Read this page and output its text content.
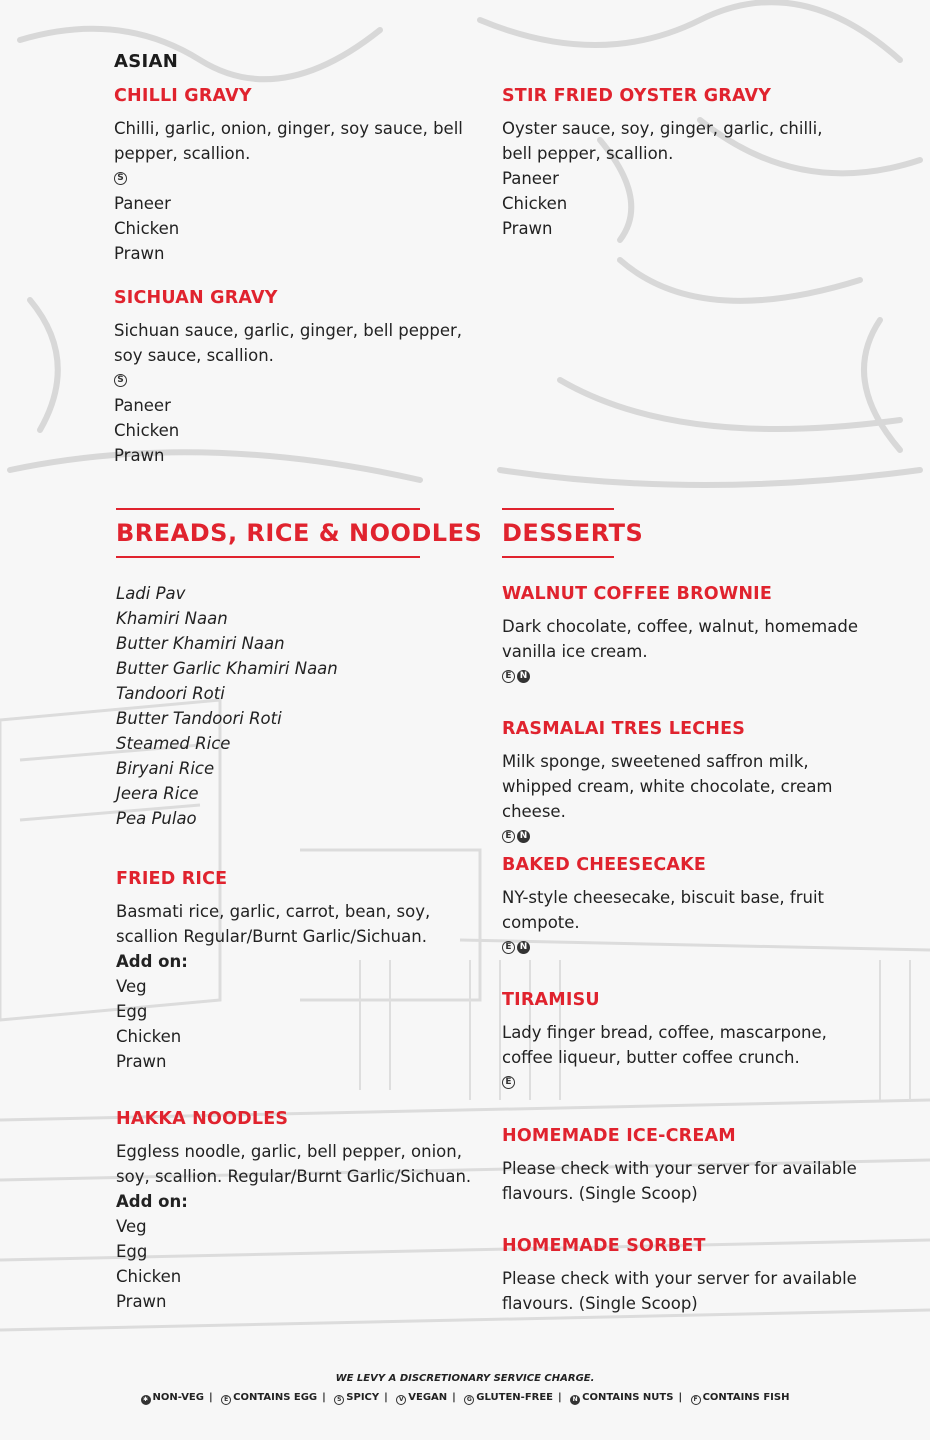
ASIAN
CHILLI GRAVY
Chilli, garlic, onion, ginger, soy sauce, bell pepper, scallion.
S
Paneer
Chicken
Prawn
SICHUAN GRAVY
Sichuan sauce, garlic, ginger, bell pepper, soy sauce, scallion.
S
Paneer
Chicken
Prawn
STIR FRIED OYSTER GRAVY
Oyster sauce, soy, ginger, garlic, chilli, bell pepper, scallion.
Paneer
Chicken
Prawn
BREADS, RICE & NOODLES
Ladi Pav
Khamiri Naan
Butter Khamiri Naan
Butter Garlic Khamiri Naan
Tandoori Roti
Butter Tandoori Roti
Steamed Rice
Biryani Rice
Jeera Rice
Pea Pulao
FRIED RICE
Basmati rice, garlic, carrot, bean, soy, scallion Regular/Burnt Garlic/Sichuan.
Add on:
Veg
Egg
Chicken
Prawn
HAKKA NOODLES
Eggless noodle, garlic, bell pepper, onion, soy, scallion. Regular/Burnt Garlic/Sichuan.
Add on:
Veg
Egg
Chicken
Prawn
DESSERTS
WALNUT COFFEE BROWNIE
Dark chocolate, coffee, walnut, homemade vanilla ice cream.
E N
RASMALAI TRES LECHES
Milk sponge, sweetened saffron milk, whipped cream, white chocolate, cream cheese.
E N
BAKED CHEESECAKE
NY-style cheesecake, biscuit base, fruit compote.
E N
TIRAMISU
Lady finger bread, coffee, mascarpone, coffee liqueur, butter coffee crunch.
E
HOMEMADE ICE-CREAM
Please check with your server for available flavours. (Single Scoop)
HOMEMADE SORBET
Please check with your server for available flavours. (Single Scoop)
WE LEVY A DISCRETIONARY SERVICE CHARGE.
✱ NON-VEG | E CONTAINS EGG | S SPICY | V VEGAN | G GLUTEN-FREE | N CONTAINS NUTS | F CONTAINS FISH
